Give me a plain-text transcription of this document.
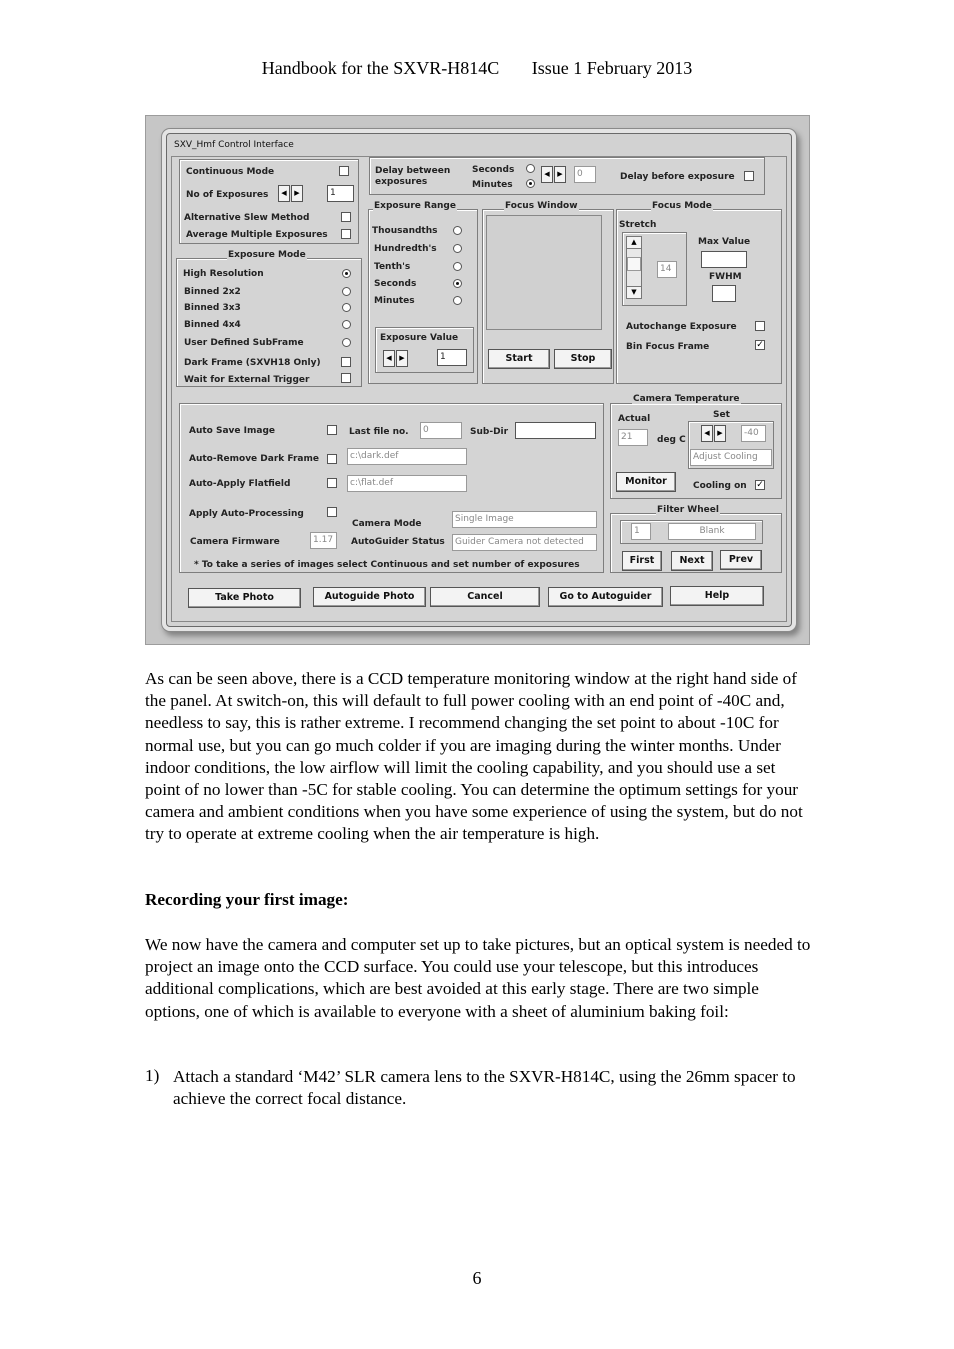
Handbook for the SXVR-H814C Issue 1 February 2013
SXV_Hmf Control Interface
Continuous Mode
No of Exposures	◀	▶	1
Alternative Slew Method
Average Multiple Exposures
Exposure Mode
High Resolution
Binned 2x2
Binned 3x3
Binned 4x4
User Defined SubFrame
Dark Frame (SXVH18 Only)
Wait for External Trigger
Delay between exposures
Seconds
Minutes
◀	▶	0	Delay before exposure
Exposure Range
Thousandths
Hundredth's
Tenth's
Seconds
Minutes
Exposure Value
◀	▶	1
Focus Window
Start	Stop
Focus Mode
Stretch
▲
▼
14
Max Value
FWHM
Autochange Exposure
Bin Focus Frame	✓
Auto Save Image	Last file no.	0	Sub-Dir
Auto-Remove Dark Frame	c:\dark.def
Auto-Apply Flatfield	c:\flat.def
Apply Auto-Processing
Camera Mode	Single Image
Camera Firmware	1.17	AutoGuider Status	Guider Camera not detected
* To take a series of images select Continuous and set number of exposures
Camera Temperature
Actual
21	deg C
Set
◀	▶	-40
Adjust Cooling
Monitor	Cooling on ✓
Filter Wheel
1	Blank
First	Next	Prev
Take Photo	Autoguide Photo	Cancel	Go to Autoguider	Help
As can be seen above, there is a CCD temperature monitoring window at the right hand side of the panel. At switch-on, this will default to full power cooling with an end point of -40C and, needless to say, this is rather extreme. I recommend changing the set point to about -10C for normal use, but you can go much colder if you are imaging during the winter months. Under indoor conditions, the low airflow will limit the cooling capability, and you should use a set point of no lower than -5C for stable cooling. You can determine the optimum settings for your camera and ambient conditions when you have some experience of using the system, but do not try to operate at extreme cooling when the air temperature is high.
Recording your first image:
We now have the camera and computer set up to take pictures, but an optical system is needed to project an image onto the CCD surface. You could use your telescope, but this introduces additional complications, which are best avoided at this early stage. There are two simple options, one of which is available to everyone with a sheet of aluminium baking foil:
1) Attach a standard ‘M42’ SLR camera lens to the SXVR-H814C, using the 26mm spacer to achieve the correct focal distance.
6
